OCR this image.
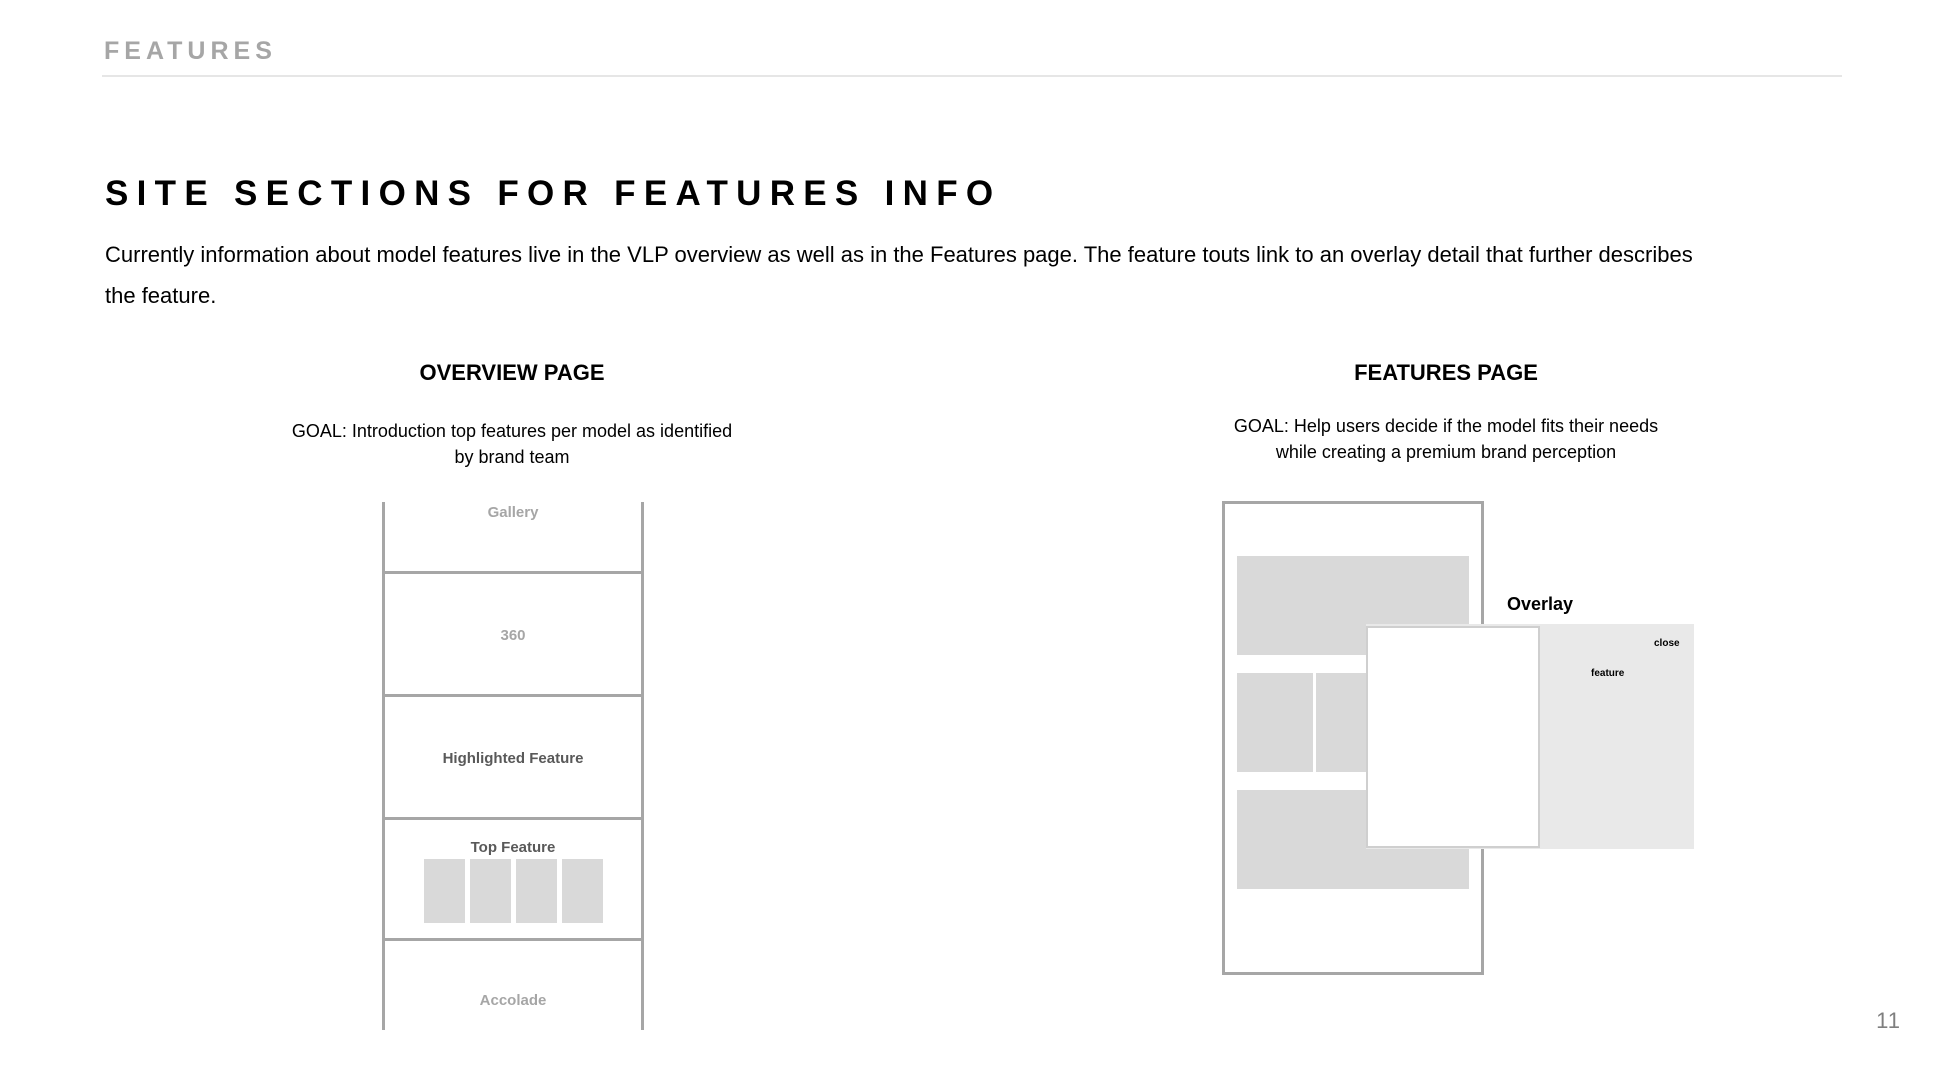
FEATURES
SITE SECTIONS FOR FEATURES INFO
Currently information about model features live in the VLP overview as well as in the Features page. The feature touts link to an overlay detail that further describes the feature.
OVERVIEW PAGE
GOAL: Introduction top features per model as identified
by brand team
Gallery
360
Highlighted Feature
Top Feature
Accolade
FEATURES PAGE
GOAL: Help users decide if the model fits their needs
while creating a premium brand perception
Overlay
close
feature
11
